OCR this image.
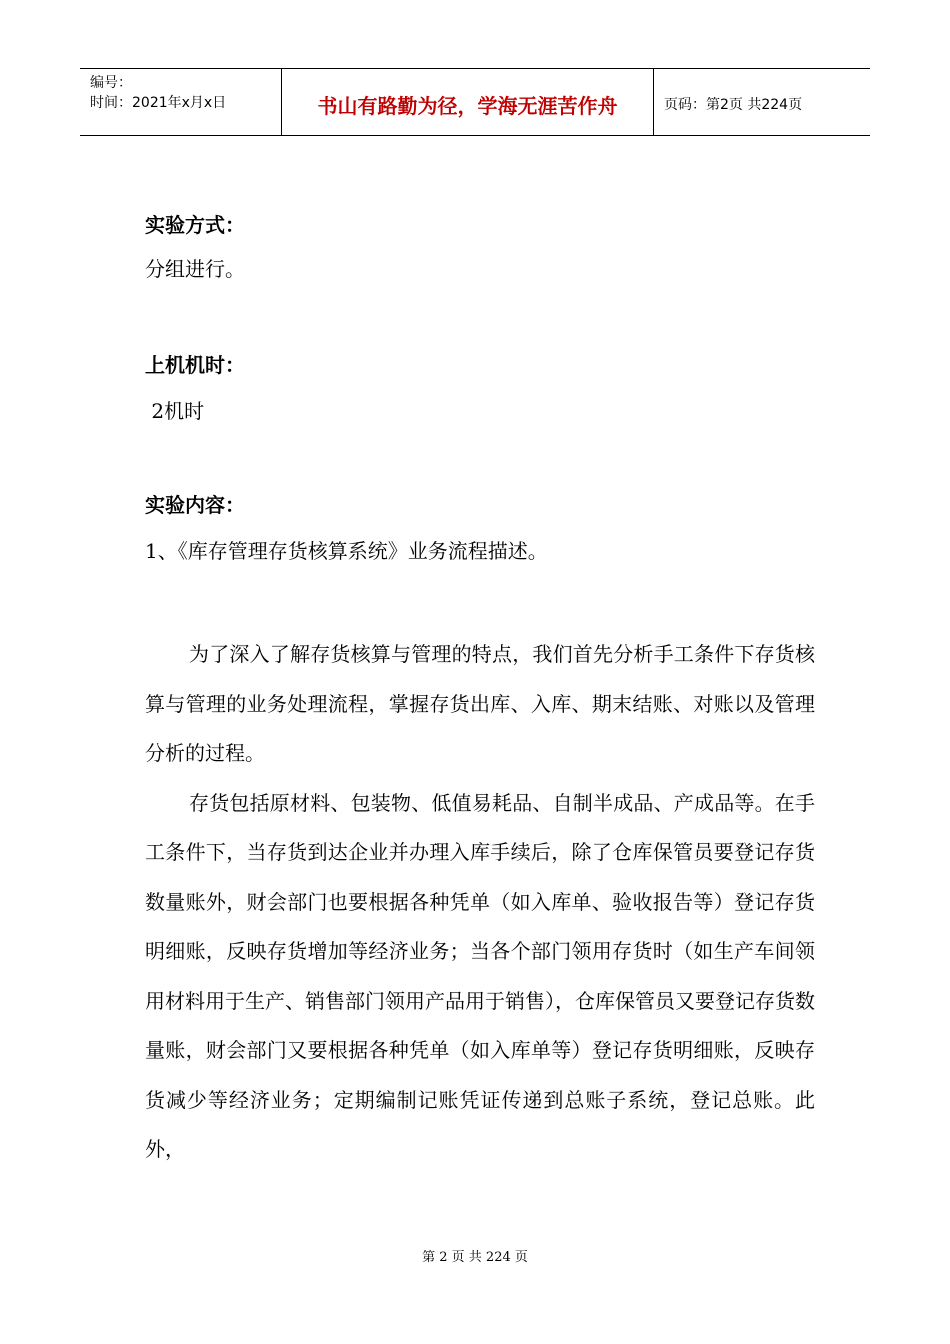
编号：
时间：2021年x月x日	书山有路勤为径，学海无涯苦作舟	页码：第2页 共224页

实验方式：

分组进行。

上机机时：

2机时

实验内容：

1、《库存管理存货核算系统》业务流程描述。

为了深入了解存货核算与管理的特点，我们首先分析手工条件下存货核算与管理的业务处理流程，掌握存货出库、入库、期末结账、对账以及管理分析的过程。

存货包括原材料、包装物、低值易耗品、自制半成品、产成品等。在手工条件下，当存货到达企业并办理入库手续后，除了仓库保管员要登记存货数量账外，财会部门也要根据各种凭单（如入库单、验收报告等）登记存货明细账，反映存货增加等经济业务；当各个部门领用存货时（如生产车间领用材料用于生产、销售部门领用产品用于销售），仓库保管员又要登记存货数量账，财会部门又要根据各种凭单（如入库单等）登记存货明细账，反映存货减少等经济业务；定期编制记账凭证传递到总账子系统，登记总账。此外，

第 2 页 共 224 页
